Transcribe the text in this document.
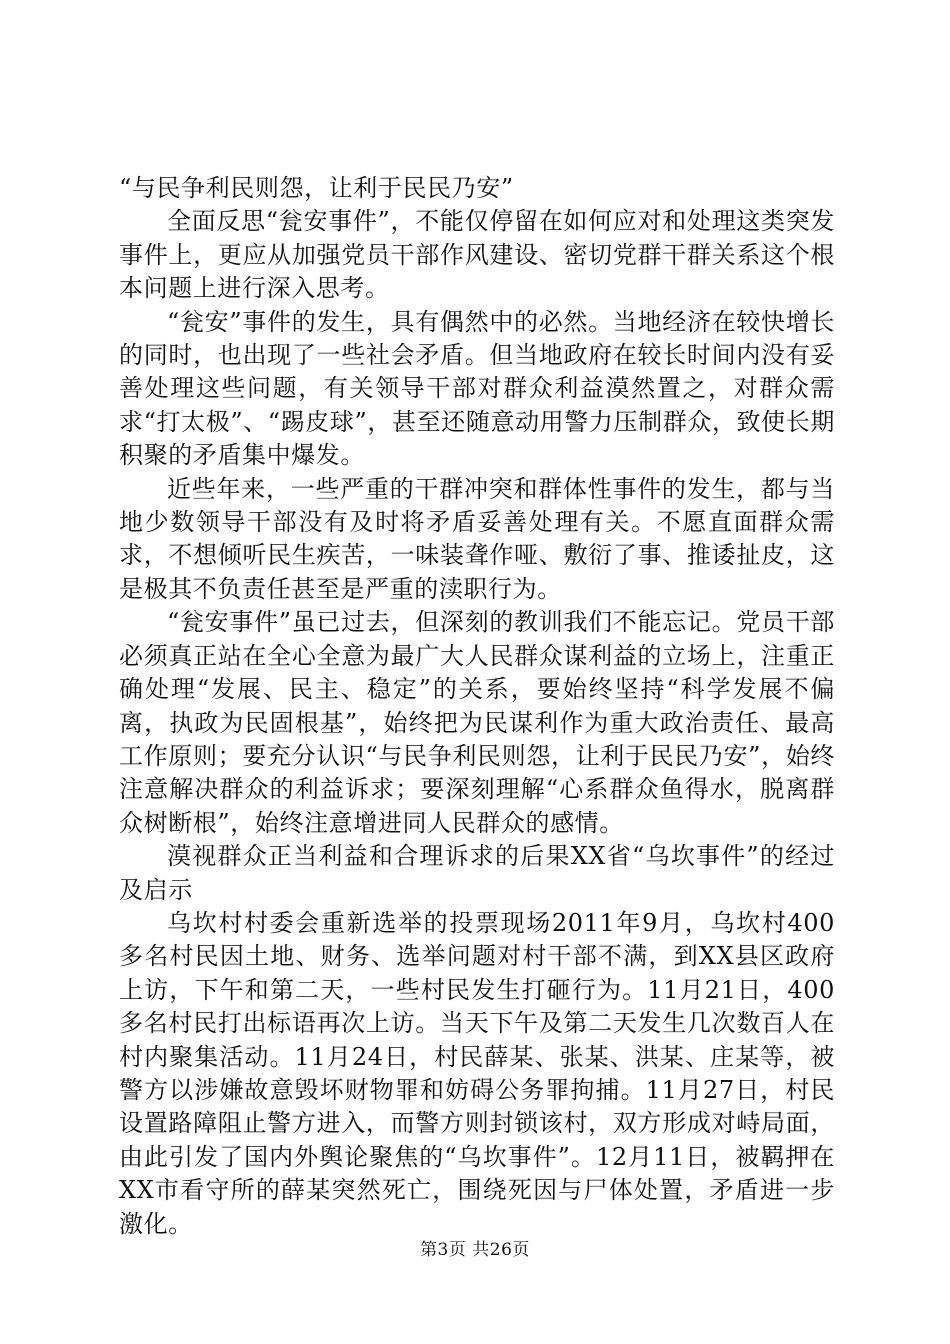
“与民争利民则怨，让利于民民乃安”

全面反思“瓮安事件”，不能仅停留在如何应对和处理这类突发事件上，更应从加强党员干部作风建设、密切党群干群关系这个根本问题上进行深入思考。

“瓮安”事件的发生，具有偶然中的必然。当地经济在较快增长的同时，也出现了一些社会矛盾。但当地政府在较长时间内没有妥善处理这些问题，有关领导干部对群众利益漠然置之，对群众需求“打太极”、“踢皮球”，甚至还随意动用警力压制群众，致使长期积聚的矛盾集中爆发。

近些年来，一些严重的干群冲突和群体性事件的发生，都与当地少数领导干部没有及时将矛盾妥善处理有关。不愿直面群众需求，不想倾听民生疾苦，一味装聋作哑、敷衍了事、推诿扯皮，这是极其不负责任甚至是严重的渎职行为。

“瓮安事件”虽已过去，但深刻的教训我们不能忘记。党员干部必须真正站在全心全意为最广大人民群众谋利益的立场上，注重正确处理“发展、民主、稳定”的关系，要始终坚持“科学发展不偏离，执政为民固根基”，始终把为民谋利作为重大政治责任、最高工作原则；要充分认识“与民争利民则怨，让利于民民乃安”，始终注意解决群众的利益诉求；要深刻理解“心系群众鱼得水，脱离群众树断根”，始终注意增进同人民群众的感情。

漠视群众正当利益和合理诉求的后果XX省“乌坎事件”的经过及启示

乌坎村村委会重新选举的投票现场2011年9月，乌坎村400多名村民因土地、财务、选举问题对村干部不满，到XX县区政府上访，下午和第二天，一些村民发生打砸行为。11月21日，400多名村民打出标语再次上访。当天下午及第二天发生几次数百人在村内聚集活动。11月24日，村民薛某、张某、洪某、庄某等，被警方以涉嫌故意毁坏财物罪和妨碍公务罪拘捕。11月27日，村民设置路障阻止警方进入，而警方则封锁该村，双方形成对峙局面，由此引发了国内外舆论聚焦的“乌坎事件”。12月11日，被羁押在XX市看守所的薛某突然死亡，围绕死因与尸体处置，矛盾进一步激化。

第3页 共26页
